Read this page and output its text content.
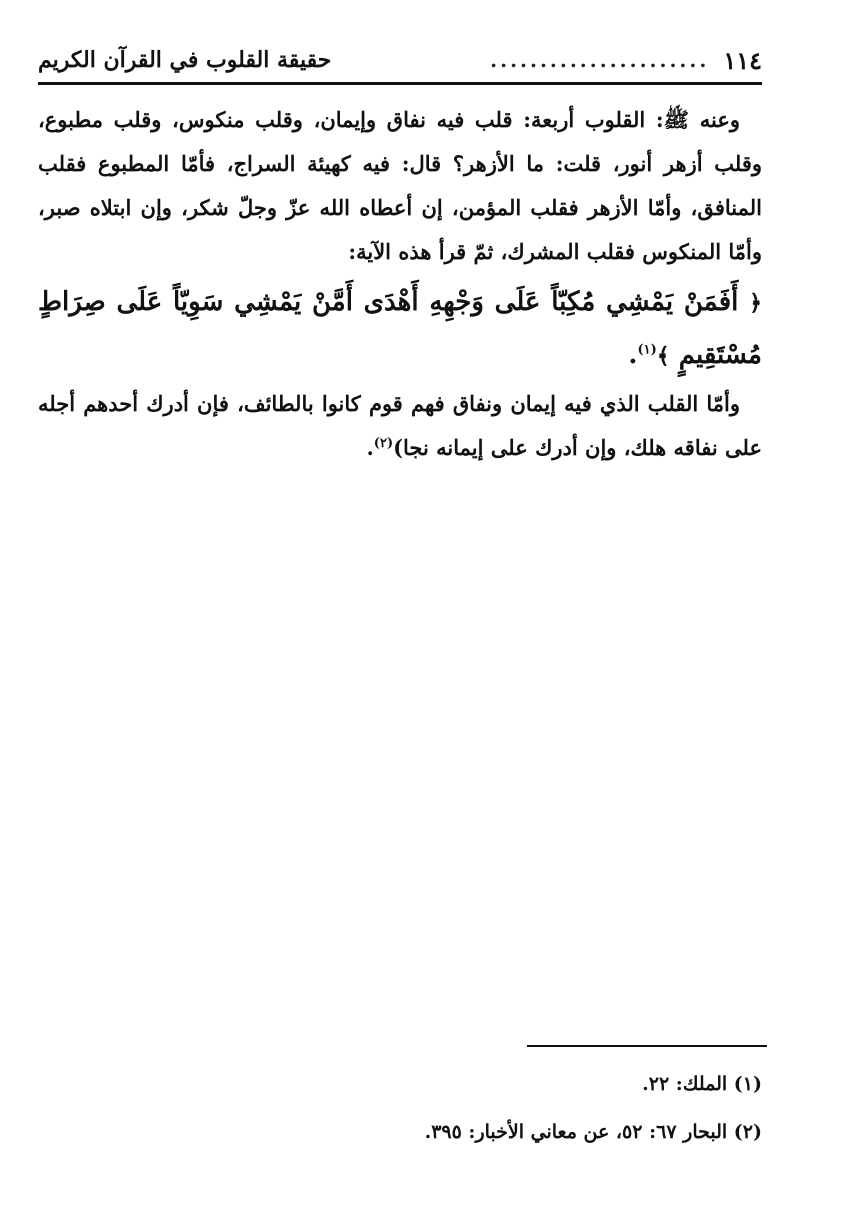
١١٤
......................
حقيقة القلوب في القرآن الكريم

وعنه ﷺ: القلوب أربعة: قلب فيه نفاق وإيمان، وقلب منكوس، وقلب مطبوع، وقلب أزهر أنور، قلت: ما الأزهر؟ قال: فيه كهيئة السراج، فأمّا المطبوع فقلب المنافق، وأمّا الأزهر فقلب المؤمن، إن أعطاه الله عزّ وجلّ شكر، وإن ابتلاه صبر، وأمّا المنكوس فقلب المشرك، ثمّ قرأ هذه الآية:

﴿ أَفَمَنْ يَمْشِي مُكِبّاً عَلَى وَجْهِهِ أَهْدَى أَمَّنْ يَمْشِي سَوِيّاً عَلَى صِرَاطٍ مُسْتَقِيمٍ ﴾$^{(١)}$.

وأمّا القلب الذي فيه إيمان ونفاق فهم قوم كانوا بالطائف، فإن أدرك أحدهم أجله على نفاقه هلك، وإن أدرك على إيمانه نجا)$^{(٢)}$.

(١) الملك: ٢٢.

(٢) البحار ٦٧: ٥٢، عن معاني الأخبار: ٣٩٥.
